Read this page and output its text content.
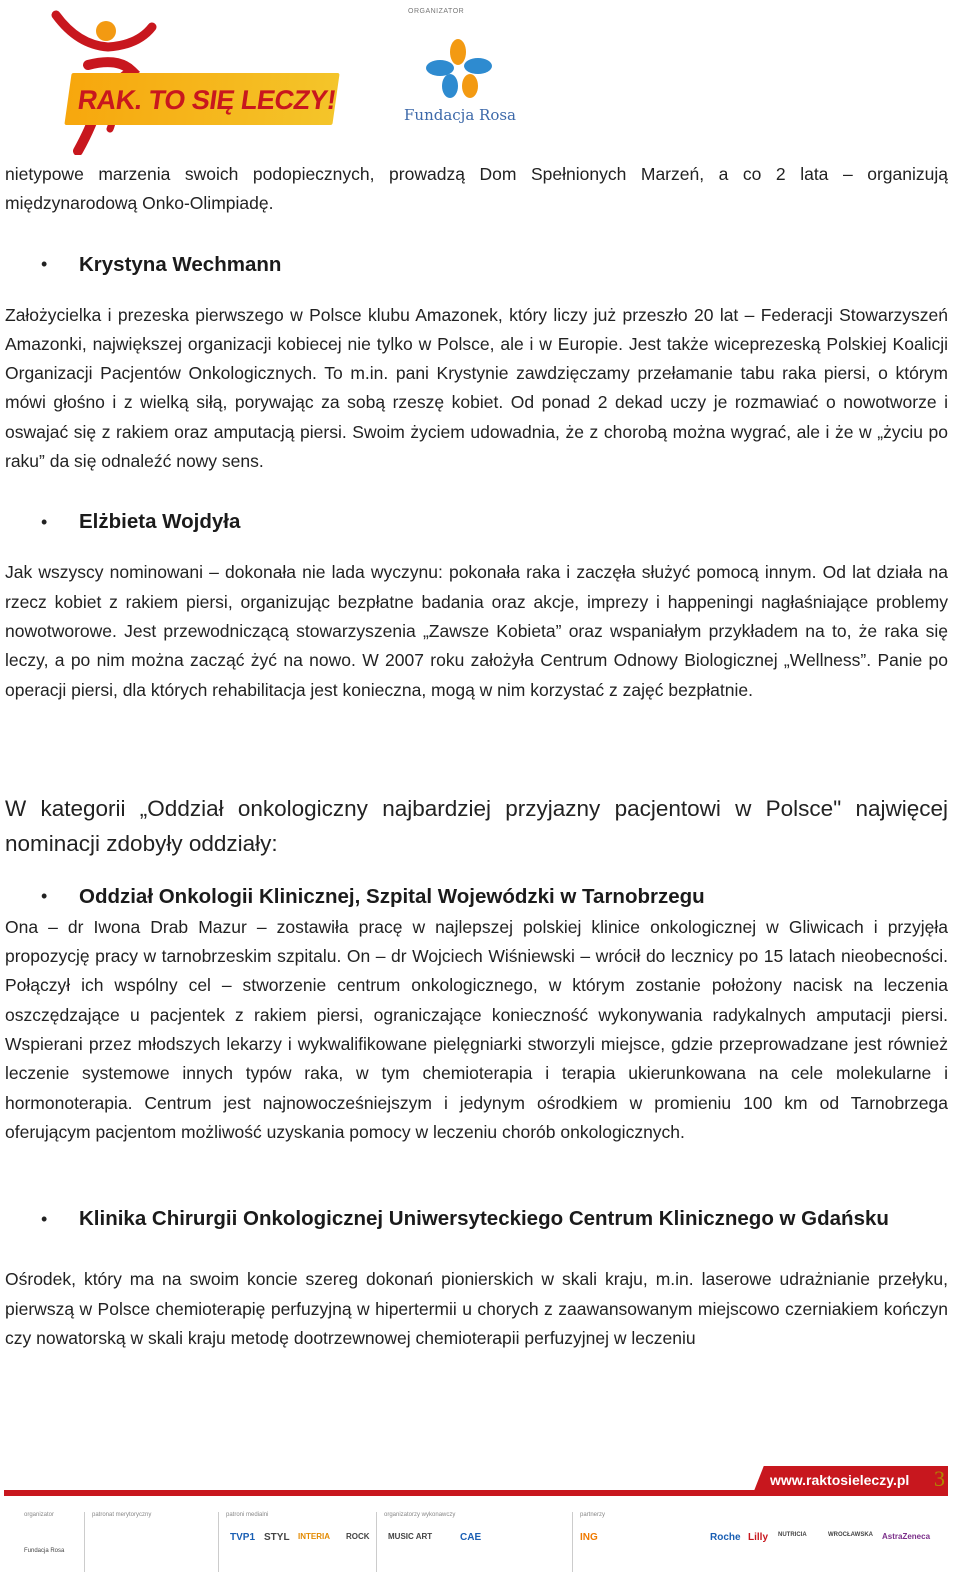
RAK. TO SIĘ LECZY!
ORGANIZATOR
Fundacja Rosa

nietypowe marzenia swoich podopiecznych, prowadzą Dom Spełnionych Marzeń, a co 2 lata – organizują międzynarodową Onko-Olimpiadę.

•	Krystyna Wechmann

Założycielka i prezeska pierwszego w Polsce klubu Amazonek, który liczy już przeszło 20 lat – Federacji Stowarzyszeń Amazonki, największej organizacji kobiecej nie tylko w Polsce, ale i w Europie. Jest także wiceprezeską Polskiej Koalicji Organizacji Pacjentów Onkologicznych. To m.in. pani Krystynie zawdzięczamy przełamanie tabu raka piersi, o którym mówi głośno i z wielką siłą, porywając za sobą rzeszę kobiet. Od ponad 2 dekad uczy je rozmawiać o nowotworze i oswajać się z rakiem oraz amputacją piersi. Swoim życiem udowadnia, że z chorobą można wygrać, ale i że w „życiu po raku” da się odnaleźć nowy sens.

•	Elżbieta Wojdyła

Jak wszyscy nominowani – dokonała nie lada wyczynu: pokonała raka i zaczęła służyć pomocą innym. Od lat działa na rzecz kobiet z rakiem piersi, organizując bezpłatne badania oraz akcje, imprezy i happeningi nagłaśniające problemy nowotworowe. Jest przewodniczącą stowarzyszenia „Zawsze Kobieta” oraz wspaniałym przykładem na to, że raka się leczy, a po nim można zacząć żyć na nowo. W 2007 roku założyła Centrum Odnowy Biologicznej „Wellness”. Panie po operacji piersi, dla których rehabilitacja jest konieczna, mogą w nim korzystać z zajęć bezpłatnie.

W kategorii „Oddział onkologiczny najbardziej przyjazny pacjentowi w Polsce" najwięcej nominacji zdobyły oddziały:

•	Oddział Onkologii Klinicznej, Szpital Wojewódzki w Tarnobrzegu

Ona – dr Iwona Drab Mazur – zostawiła pracę w najlepszej polskiej klinice onkologicznej w Gliwicach i przyjęła propozycję pracy w tarnobrzeskim szpitalu. On – dr Wojciech Wiśniewski – wrócił do lecznicy po 15 latach nieobecności. Połączył ich wspólny cel – stworzenie centrum onkologicznego, w którym zostanie położony nacisk na leczenia oszczędzające u pacjentek z rakiem piersi, ograniczające konieczność wykonywania radykalnych amputacji piersi. Wspierani przez młodszych lekarzy i wykwalifikowane pielęgniarki stworzyli miejsce, gdzie przeprowadzane jest również leczenie systemowe innych typów raka, w tym chemioterapia i terapia ukierunkowana na cele molekularne i hormonoterapia. Centrum jest najnowocześniejszym i jedynym ośrodkiem w promieniu 100 km od Tarnobrzega oferującym pacjentom możliwość uzyskania pomocy w leczeniu chorób onkologicznych.

•	Klinika Chirurgii Onkologicznej Uniwersyteckiego Centrum Klinicznego w Gdańsku

Ośrodek, który ma na swoim koncie szereg dokonań pionierskich w skali kraju, m.in. laserowe udrażnianie przełyku, pierwszą w Polsce chemioterapię perfuzyjną w hipertermii u chorych z zaawansowanym miejscowo czerniakiem kończyn czy nowatorską w skali kraju metodę dootrzewnowej chemioterapii perfuzyjnej w leczeniu

www.raktosieleczy.pl 3
organizator	patronat merytoryczny	patroni medialni	organizatorzy wykonawczy	partnerzy
Fundacja Rosa
TVP1 STYL INTERIA ROCK MUSIC ART	CAE	ING	Roche Lilly NUTRICIA	WROCŁAWSKA AstraZeneca
